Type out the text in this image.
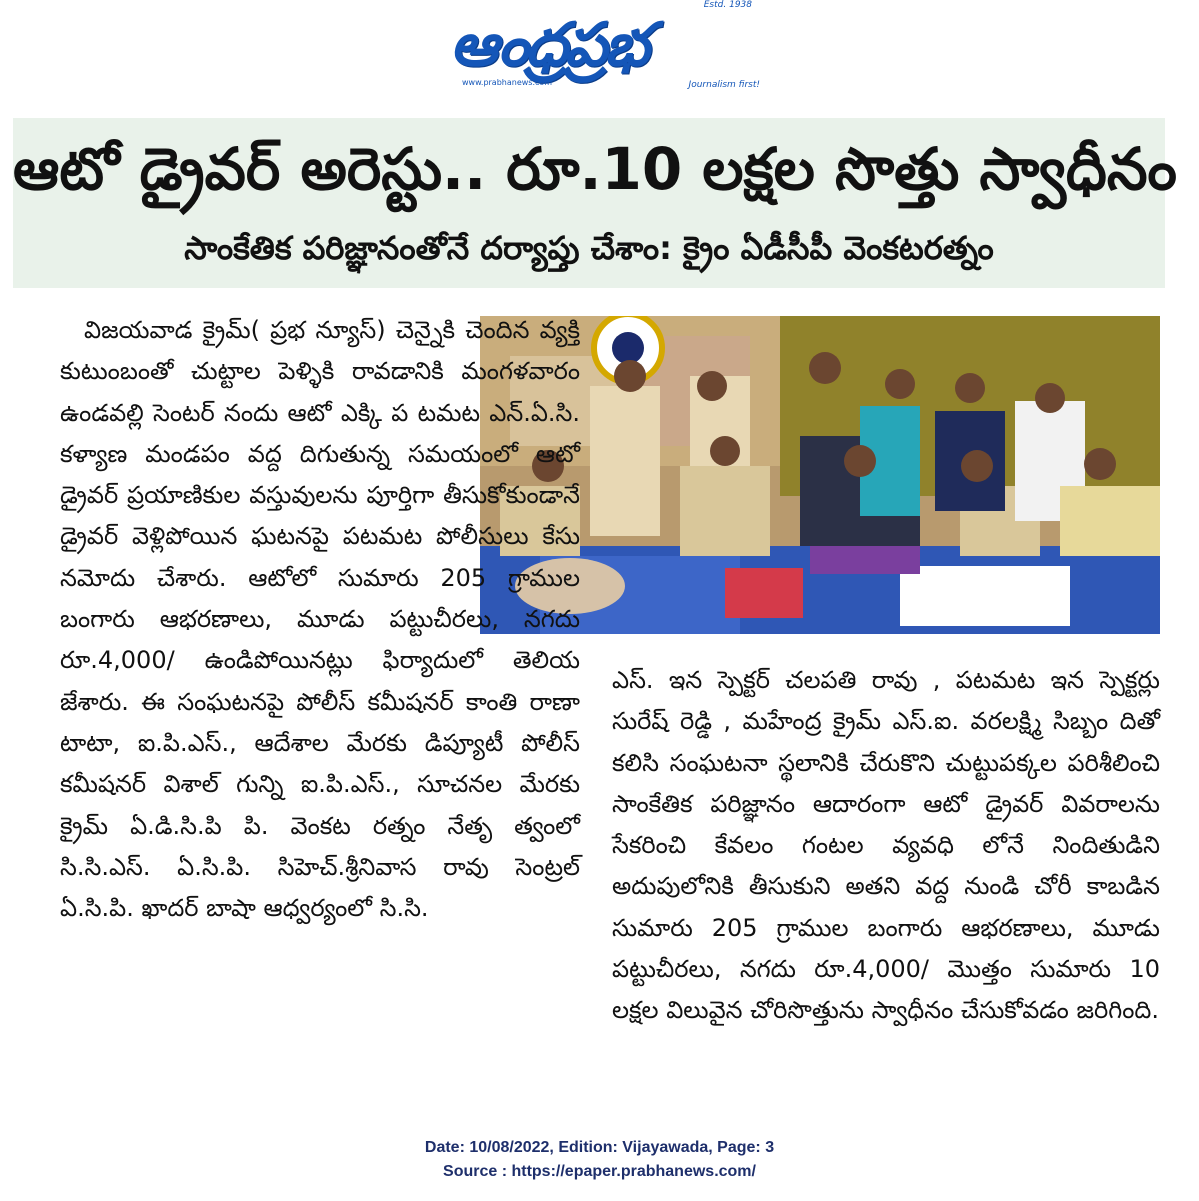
ఆంధ్రప్రభ
Estd. 1938
www.prabhanews.com	Journalism first!
ఆటో డ్రైవర్ అరెస్టు.. రూ.10 లక్షల సొత్తు స్వాధీనం
సాంకేతిక పరిజ్ఞానంతోనే దర్యాప్తు చేశాం: క్రైం ఏడీసీపీ వెంకటరత్నం

విజయవాడ క్రైమ్( ప్రభ న్యూస్) చెన్నైకి చెందిన వ్యక్తి కుటుంబంతో చుట్టాల పెళ్ళికి రావడానికి మంగళవారం ఉండవల్లి సెంటర్ నందు ఆటో ఎక్కి ప టమట ఎన్.ఏ.సి. కళ్యాణ మండపం వద్ద దిగుతున్న సమయంలో ఆటో డ్రైవర్ ప్రయాణికుల వస్తువులను పూర్తిగా తీసుకోకుండానే డ్రైవర్ వెళ్లిపోయిన ఘటనపై పటమట పోలీసులు కేసు నమోదు చేశారు. ఆటోలో సుమారు 205 గ్రాముల బంగారు ఆభరణాలు, మూడు పట్టుచీరలు, నగదు రూ.4,000/ ఉండిపోయినట్లు ఫిర్యాదులో తెలియ జేశారు. ఈ సంఘటనపై పోలీస్ కమీషనర్ కాంతి రాణా టాటా, ఐ.పి.ఎస్., ఆదేశాల మేరకు డిప్యూటీ పోలీస్ కమీషనర్ విశాల్ గున్ని ఐ.పి.ఎస్., సూచనల మేరకు క్రైమ్ ఏ.డి.సి.పి పి. వెంకట రత్నం నేతృ త్వంలో సి.సి.ఎస్. ఏ.సి.పి. సిహెచ్.శ్రీనివాస రావు సెంట్రల్ ఏ.సి.పి. ఖాదర్ బాషా ఆధ్వర్యంలో సి.సి.

ఎస్. ఇన స్పెక్టర్ చలపతి రావు , పటమట ఇన స్పెక్టర్లు సురేష్ రెడ్డి , మహేంద్ర క్రైమ్ ఎస్.ఐ. వరలక్ష్మి సిబ్బం దితో కలిసి సంఘటనా స్థలానికి చేరుకొని చుట్టుపక్కల పరిశీలించి సాంకేతిక పరిజ్ఞానం ఆదారంగా ఆటో డ్రైవర్ వివరాలను సేకరించి కేవలం గంటల వ్యవధి లోనే నిందితుడిని అదుపులోనికి తీసుకుని అతని వద్ద నుండి చోరీ కాబడిన సుమారు 205 గ్రాముల బంగారు ఆభరణాలు, మూడు పట్టుచీరలు, నగదు రూ.4,000/ మొత్తం సుమారు 10 లక్షల విలువైన చోరిసొత్తును స్వాధీనం చేసుకోవడం జరిగింది.

Date: 10/08/2022, Edition: Vijayawada, Page: 3
Source : https://epaper.prabhanews.com/
